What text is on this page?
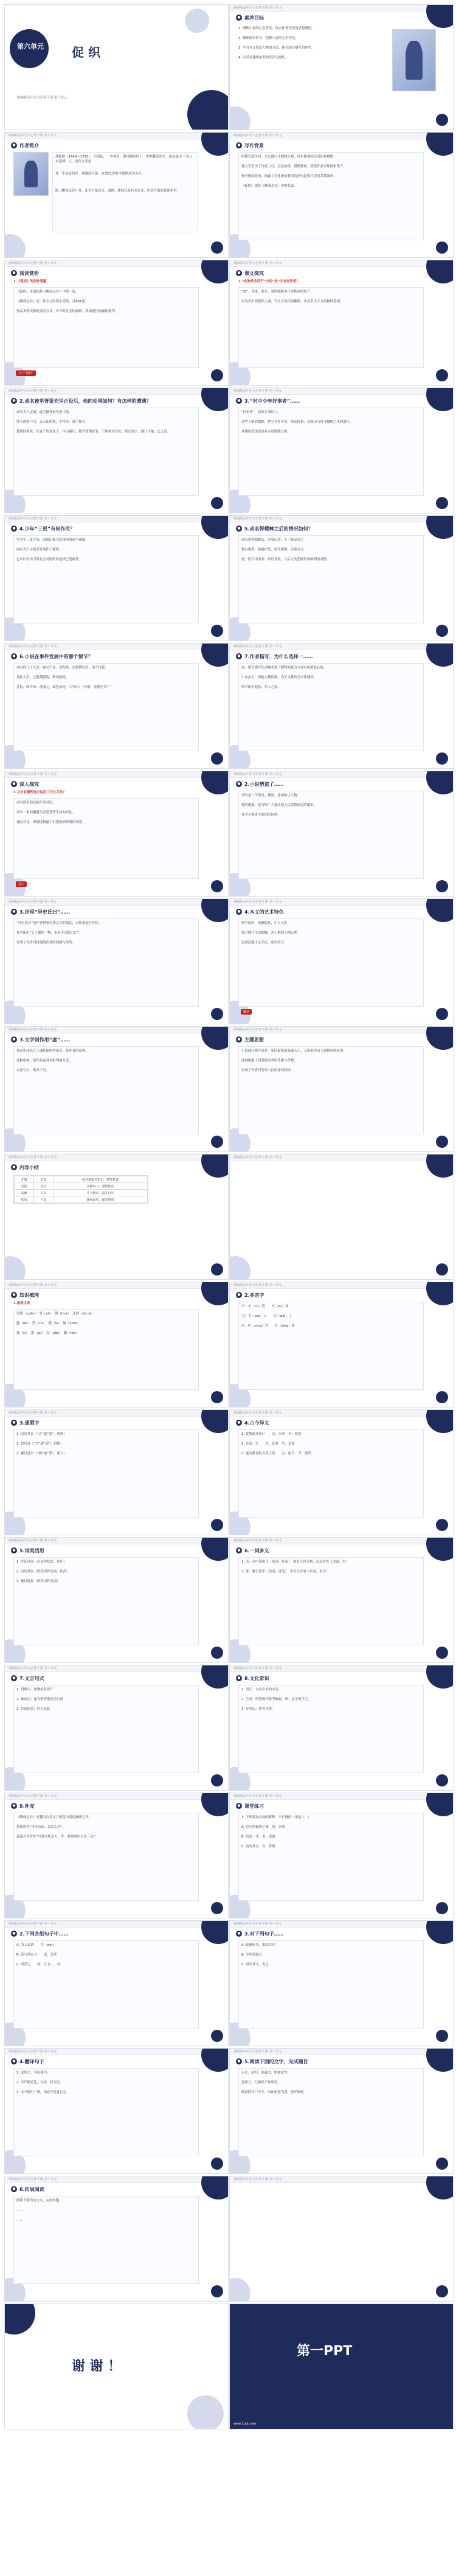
第六单元 促 织
统编版高中语文必修下册 第六单元
统编版高中语文必修下册·第六单元
● 素养目标
1. 理解小说的社会背景，体会作者寄托的思想感情。
2. 梳理故事情节，把握小说的艺术特色。
3. 学习本文塑造人物的方法，体会细节描写的作用。
4. 认识封建统治者的荒淫与腐朽。
统编版高中语文必修下册·第六单元
● 作者简介
蒲松龄（1640—1715），字留仙，一字剑臣，别号柳泉居士，世称聊斋先生，山东淄川（今山东淄博）人，清代文学家。
他一生热衷科举，却屡试不第，直到71岁时才援例成为贡生。
除《聊斋志异》外，还有大量诗文、戏剧、俚曲以及有关农业、医药方面的著述存世。
统编版高中语文必修下册·第六单元
● 写作背景
明朝宣德年间，皇室盛行斗蟋蟀之戏，每年都要向民间征收蟋蟀。
地方官吏为了讨好上司，层层加码，借机勒索，致使许多百姓倾家荡产。
作者借此故事，揭露了封建统治者的荒淫无道和官吏的贪婪暴虐。
《促织》即是《聊斋志异》中的名篇。
统编版高中语文必修下册·第六单元
● 阅读赏析
1.《促织》的创作意蕴
《促织》是蒲松龄《聊斋志异》中的一篇。
《聊斋志异》是一部文言短篇小说集，共491篇。
作品多借谈狐说鬼的方式，对当时社会的腐败、黑暗进行揭露和批判。
关于“促织”
统编版高中语文必修下册·第六单元
● 课文探究
1.“此物故非西产”中的“故”字有何作用？
“故”，本来，原来。说明蟋蟀本不是陕西的特产。
因为宫中尚促织之戏，官吏才向民间摊派，从而引出下文的种种悲剧。
统编版高中语文必修下册·第六单元
● 2.成名被里胥报充里正役后，他的处境如何？有怎样的遭遇？
成名为人迂讷，遂为猾胥报充里正役。
他不敢敛户口，又无法赔偿，不终岁，薄产累尽。
他忧闷欲死，在妻子的劝说下，早出暮归，提竹筒铜丝笼，于败堵丛草处，探石发穴，靡计不施，迄无济。
统编版高中语文必修下册·第六单元
● 3.“村中少年好事者”……
“好事者”，喜欢多事的人。
这些人驯养蟋蟀，把它看作奇货，抬高价格，反映出当时斗蟋蟀之风的盛行。
从侧面表现出成名寻觅蟋蟀之难。
统编版高中语文必修下册·第六单元
● 4.少年“三更”有何作用？
写少年三更才来，表现出他对此事的重视与谨慎。
同时为下文情节发展作了铺垫。
也可以看出当时社会对促织的追捧已近疯狂。
统编版高中语文必修下册·第六单元
● 5.成名得蟋蟀之后的情况如何？
成名得到蟋蟀后，举家庆贺，土于盆而养之。
蟹白栗黄，备极护爱，留待限期，以塞官责。
这一段写出成名一家的喜悦，与后文的悲剧形成鲜明的对照。
统编版高中语文必修下册·第六单元
● 6.小说在事件发展中的哪个情节？
成名的儿子九岁，窥父不在，窃发盆，虫跃掷径出，迅不可捉。
及扑入手，已股落腹裂，斯须就毙。
儿惧，啼告母。母闻之，面色灰死，大骂曰：“业根，死期至矣！”
统编版高中语文必修下册·第六单元
● 7.作者描写，为什么选择一……
这一细节描写生动地表现了蟋蟀的威力与成名的紧张心情。
小虫虽小，却能力挫群敌，为下文献给皇帝作铺垫。
情节跌宕起伏，扣人心弦。
统编版高中语文必修下册·第六单元
● 深入探究
1.文中有哪些地方运用了对比手法？
成名得虫前后的生活对比。
成名一家的遭遇与宫廷奢华生活的对比。
通过对比，深刻地揭露了封建统治阶级的罪恶。
提示
统编版高中语文必修下册·第六单元
● 2.小说塑造了……
成名是一个善良、懦弱、迂讷的小人物。
他的遭遇，是当时广大被压迫人民悲惨命运的缩影。
作者对他寄予深切的同情。
统编版高中语文必修下册·第六单元
● 3.结尾“异史氏曰”……
“异史氏曰”是作者借鉴史传文学的笔法，对故事进行评论。
作者指出“天子偶用一物，未必不过此已忘”。
表明了作者对封建统治者的讽刺与批判。
统编版高中语文必修下册·第六单元
● 4.本文的艺术特色
情节曲折，波澜起伏，引人入胜。
细节描写生动细腻，善于刻画人物心理。
运用浪漫主义手法，虚实结合。
概括
统编版高中语文必修下册·第六单元
● 3.文学创作用“虚”……
作品中成名之子魂化促织的情节，是作者的虚构。
这种虚构，使作品更具有批判的力度。
以虚写实，寓真于幻。
统编版高中语文必修下册·第六单元
● 主题思想
小说通过描写成名一家因促织而家破人亡、又因促织而飞黄腾达的故事，
深刻揭露了封建统治者的昏庸与贪婪，
表现了作者对劳动人民的深切同情。
统编版高中语文必修下册·第六单元
● 内容小结
开端	征虫	成名被报充里正，遭受杖责
发展	觅虫	求神问卜，觅得佳虫
高潮	失虫	儿子毙虫，投井自尽
结局	斗虫	魂化促织，献虫得赏
统编版高中语文必修下册·第六单元
统编版高中语文必修下册·第六单元
● 知识梳理
1.重要字音
宣德（xuān）　胥（xū）　猾（huá）　迂讷（yū nè）
蠹（dù）　笞（chī）　覆（fù）　觇（chān）
翼（yì）　蛊（gǔ）　狡（jiǎo）　蹑（niè）
统编版高中语文必修下册·第六单元
● 2.多音字
卒：卒（cù）然　　卒（zú）业
为：为（wéi）人　　为（wèi）了
应：应（yìng）对　　应（yīng）该
统编版高中语文必修下册·第六单元
● 3.通假字
1. 而高其直（“直”通“值”，价格）
2. 昂其直（“直”通“值”，价格）
3. 翼日进宰（“翼”通“翌”，明日）
统编版高中语文必修下册·第六单元
● 4.古今异义
1. 此物故非西产　　古：本来　今：故意
2. 每责一头　　古：征收　今：责备
3. 遂为猾胥报充里正役　　古：报告　今：报纸
统编版高中语文必修下册·第六单元
● 5.词类活用
1. 岁征民间（名词作状语，每年）
2. 而高其直（形容词作动词，抬高）
3. 裹以迷离（形容词作名词）
统编版高中语文必修下册·第六单元
● 6.一词多义
1. 市：市中游侠儿（名词，集市）　欲居之以为利，而高其直（动词，买）
2. 进：翼日进宰（动词，进见）　宰以卓异闻（名词，县令）
统编版高中语文必修下册·第六单元
● 7.文言句式
1. 判断句：此物故非西产
2. 被动句：遂为猾胥报充里正役
3. 宾语前置：何以至此
统编版高中语文必修下册·第六单元
● 8.文化常识
1. 里正：古时乡里的小吏。
2. 生员：明清两代称考取府、州、县学的学生。
3. 异史氏：作者自称。
统编版高中语文必修下册·第六单元
● 9.补充
《聊斋志异》是我国古代文言短篇小说的巅峰之作。
鲁迅称其“用传奇法，而以志怪”。
郭沫若评价其“写鬼写妖高人一等，刺贪刺虐入骨三分”。
统编版高中语文必修下册·第六单元
● 课堂练习
1. 下列对加点词的解释，不正确的一项是（　）
A. 宫中尚促织之戏　尚：崇尚
B. 每责一头　责：责备
C. 而高其直　直：价格
统编版高中语文必修下册·第六单元
● 2.下列各组句子中……
A. 为人迂讷　　为（wéi）
B. 试与他虫斗　　试：尝试
C. 成然之　　然：认为……对
统编版高中语文必修下册·第六单元
● 3.对下列句子……
A. 转侧床头，惟思自尽
B. 少年固强之
C. 成以其小，劣之
统编版高中语文必修下册·第六单元
● 4.翻译句子
1. 成然之，早出暮归。
2. 宰严限追比，旬余，杖至百。
3. 天子偶用一物，未必不过此已忘。
统编版高中语文必修下册·第六单元
● 5.阅读下面的文字，完成题目
未几，成归，闻妻言，如被冰雪。
怒索儿，儿渺然不知所往。
既而得其尸于井，因而化怒为悲，抢呼欲绝。
统编版高中语文必修下册·第六单元
● 6.拓展阅读
阅读下面的文言文，完成各题。
……
……
统编版高中语文必修下册·第六单元
谢 谢 ！
第一PPT
www.1ppt.com
